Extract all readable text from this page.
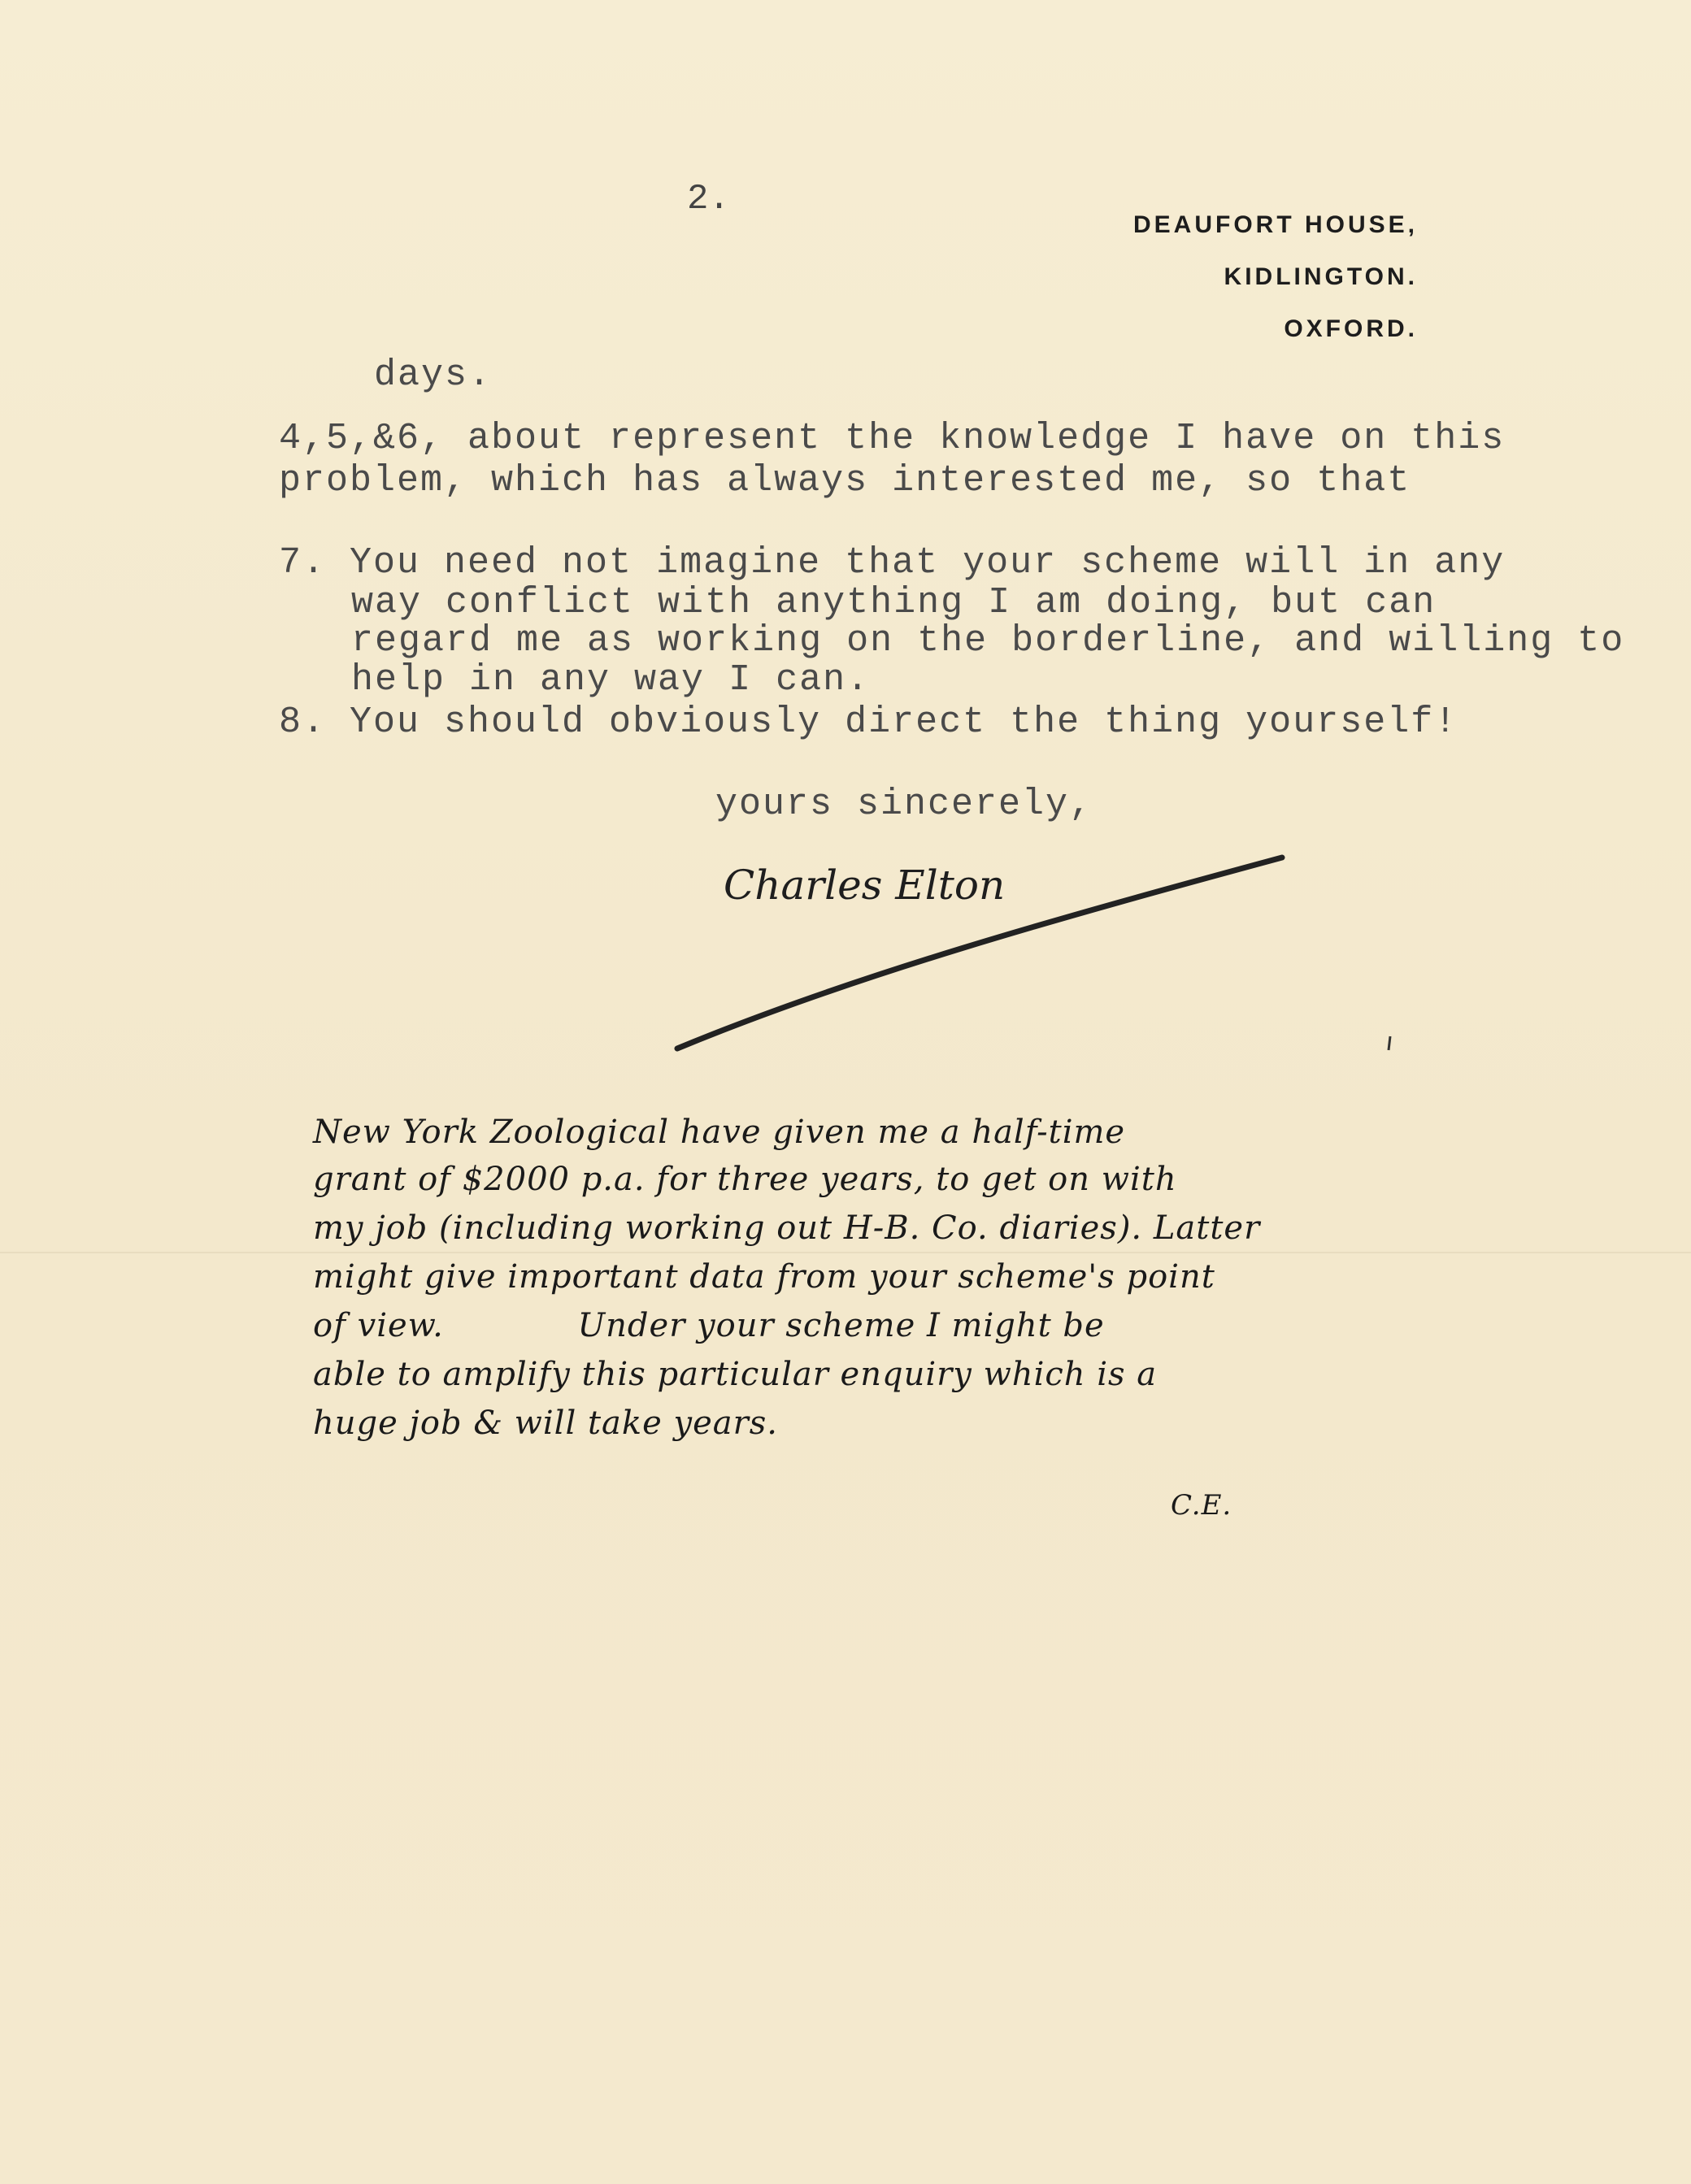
2.
DEAUFORT HOUSE,
KIDLINGTON.
OXFORD.
days.
4,5,&6, about represent the knowledge I have on this
problem, which has always interested me, so that
7. You need not imagine that your scheme will in any
way conflict with anything I am doing, but can
regard me as working on the borderline, and willing to
help in any way I can.
8. You should obviously direct the thing yourself!
yours sincerely,
Charles Elton
New York Zoological have given me a half-time
grant of $2000 p.a. for three years, to get on with
my job (including working out H-B. Co. diaries). Latter
might give important data from your scheme's point
of view.            Under your scheme I might be
able to amplify this particular enquiry which is a
huge job & will take years.
C.E.
